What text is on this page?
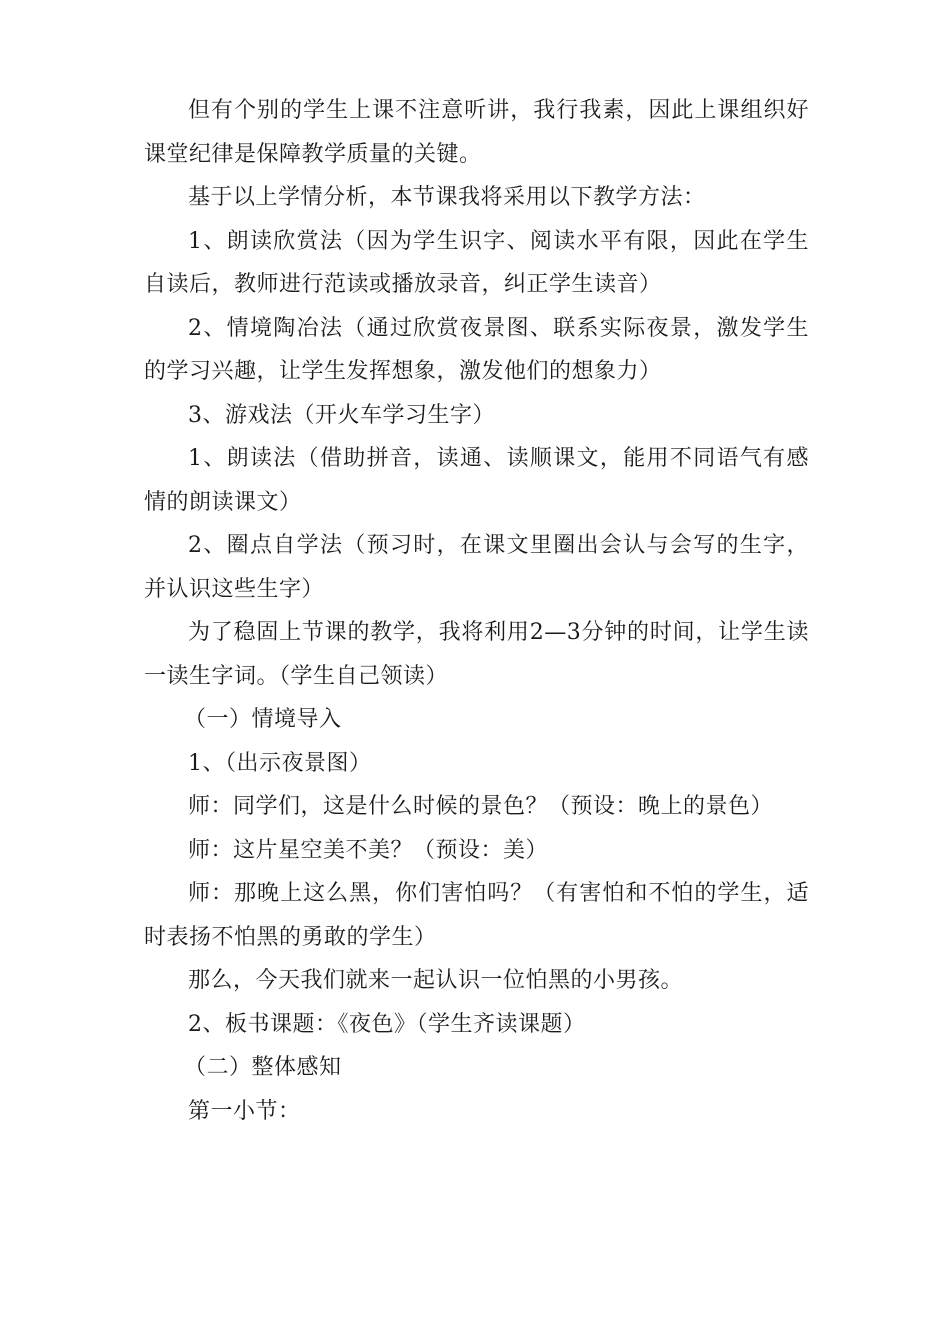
但有个别的学生上课不注意听讲，我行我素，因此上课组织好课堂纪律是保障教学质量的关键。

基于以上学情分析，本节课我将采用以下教学方法：

1、朗读欣赏法（因为学生识字、阅读水平有限，因此在学生自读后，教师进行范读或播放录音，纠正学生读音）

2、情境陶冶法（通过欣赏夜景图、联系实际夜景，激发学生的学习兴趣，让学生发挥想象，激发他们的想象力）

3、游戏法（开火车学习生字）

1、朗读法（借助拼音，读通、读顺课文，能用不同语气有感情的朗读课文）

2、圈点自学法（预习时，在课文里圈出会认与会写的生字，并认识这些生字）

为了稳固上节课的教学，我将利用2—3分钟的时间，让学生读一读生字词。（学生自己领读）

（一）情境导入

1、（出示夜景图）

师：同学们，这是什么时候的景色？（预设：晚上的景色）

师：这片星空美不美？（预设：美）

师：那晚上这么黑，你们害怕吗？（有害怕和不怕的学生，适时表扬不怕黑的勇敢的学生）

那么，今天我们就来一起认识一位怕黑的小男孩。

2、板书课题：《夜色》（学生齐读课题）

（二）整体感知

第一小节：
